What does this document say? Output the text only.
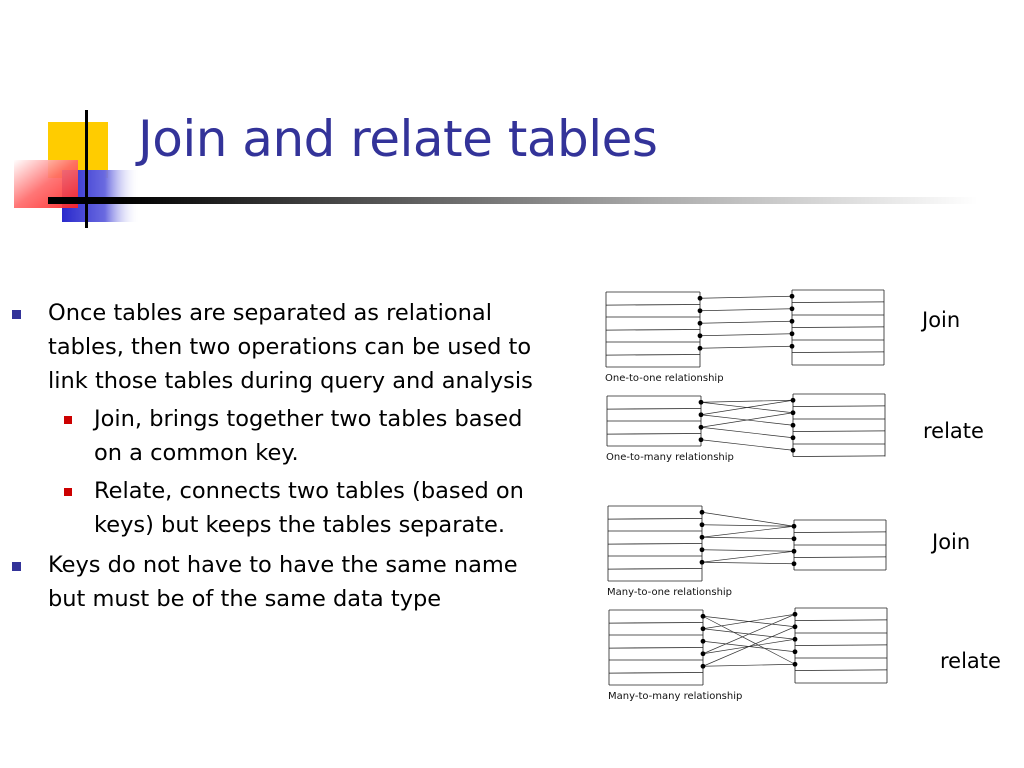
Join and relate tables
Once tables are separated as relational tables, then two operations can be used to link those tables during query and analysis
Join, brings together two tables based on a common key.
Relate, connects two tables (based on keys) but keeps the tables separate.
Keys do not have to have the same name but must be of the same data type
One-to-one relationship
One-to-many relationship
Many-to-one relationship
Many-to-many relationship
Join
relate
Join
relate
